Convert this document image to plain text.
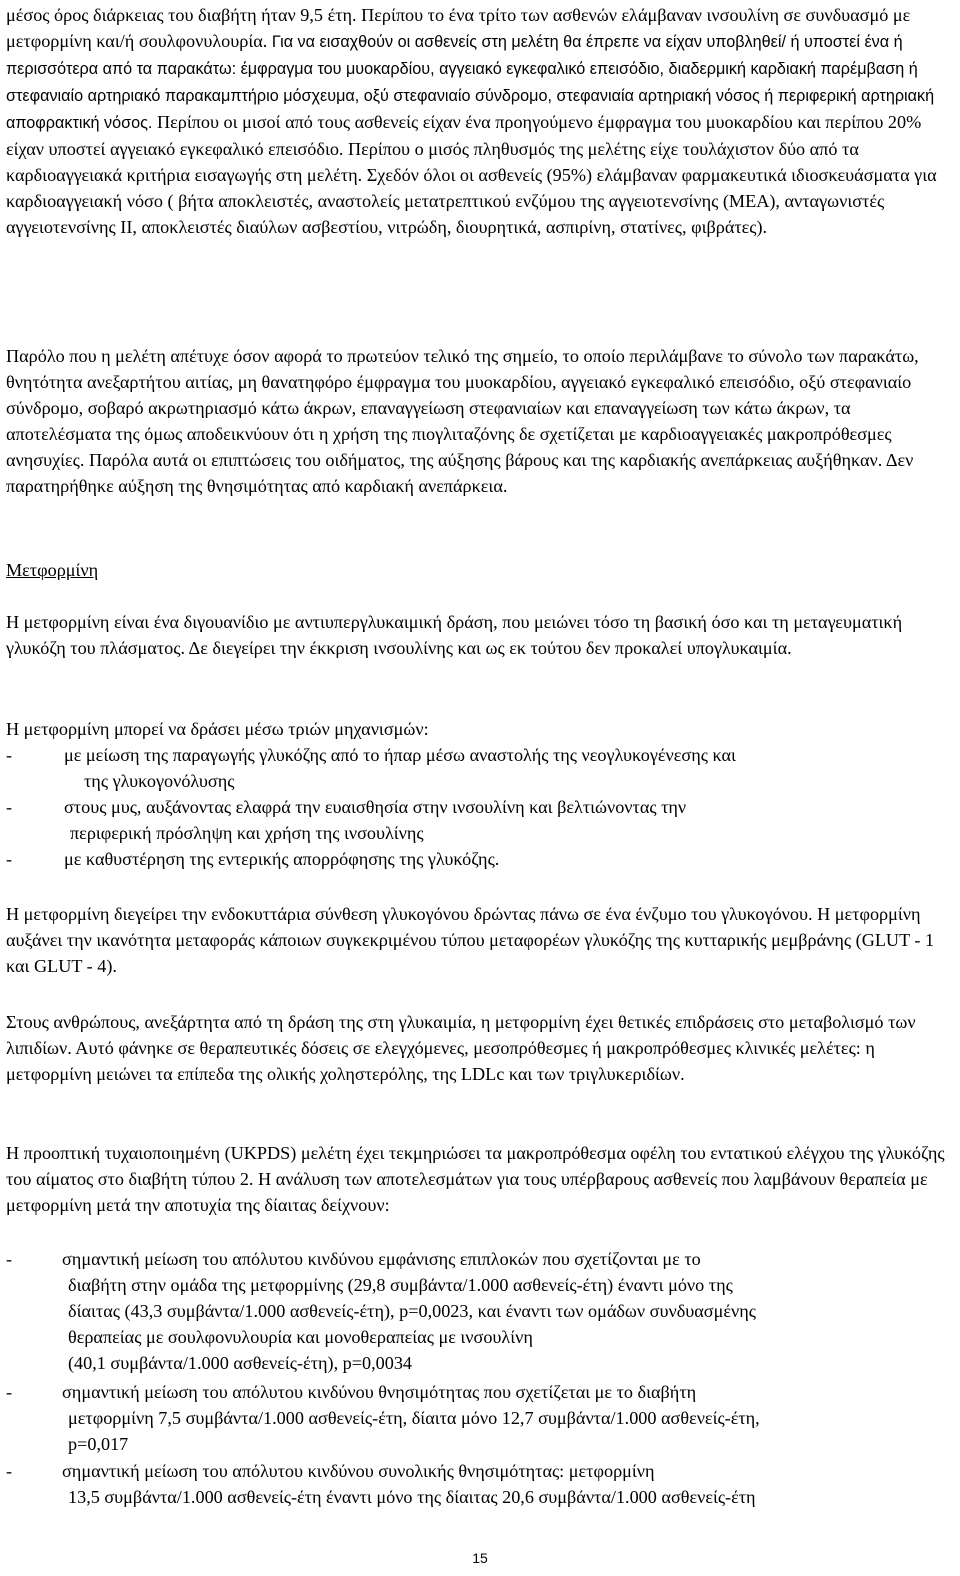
μέσος όρος διάρκειας του διαβήτη ήταν 9,5 έτη. Περίπου το ένα τρίτο των ασθενών ελάμβαναν ινσουλίνη σε συνδυασμό με μετφορμίνη και/ή σουλφονυλουρία. Για να εισαχθούν οι ασθενείς στη μελέτη θα έπρεπε να είχαν υποβληθεί/ ή υποστεί ένα ή περισσότερα από τα παρακάτω: έμφραγμα του μυοκαρδίου, αγγειακό εγκεφαλικό επεισόδιο, διαδερμική καρδιακή παρέμβαση ή στεφανιαίο αρτηριακό παρακαμπτήριο μόσχευμα, οξύ στεφανιαίο σύνδρομο, στεφανιαία αρτηριακή νόσος ή περιφερική αρτηριακή αποφρακτική νόσος. Περίπου οι μισοί από τους ασθενείς είχαν ένα προηγούμενο έμφραγμα του μυοκαρδίου και περίπου 20% είχαν υποστεί αγγειακό εγκεφαλικό επεισόδιο. Περίπου ο μισός πληθυσμός της μελέτης είχε τουλάχιστον δύο από τα καρδιοαγγειακά κριτήρια εισαγωγής στη μελέτη. Σχεδόν όλοι οι ασθενείς (95%) ελάμβαναν φαρμακευτικά ιδιοσκευάσματα για καρδιοαγγειακή νόσο ( βήτα αποκλειστές, αναστολείς μετατρεπτικού ενζύμου της αγγειοτενσίνης (ΜΕΑ), ανταγωνιστές αγγειοτενσίνης ΙΙ, αποκλειστές διαύλων ασβεστίου, νιτρώδη, διουρητικά, ασπιρίνη, στατίνες, φιβράτες).

Παρόλο που η μελέτη απέτυχε όσον αφορά το πρωτεύον τελικό της σημείο, το οποίο περιλάμβανε το σύνολο των παρακάτω, θνητότητα ανεξαρτήτου αιτίας, μη θανατηφόρο έμφραγμα του μυοκαρδίου, αγγειακό εγκεφαλικό επεισόδιο, οξύ στεφανιαίο σύνδρομο, σοβαρό ακρωτηριασμό κάτω άκρων, επαναγγείωση στεφανιαίων και επαναγγείωση των κάτω άκρων, τα αποτελέσματα της όμως αποδεικνύουν ότι η χρήση της πιογλιταζόνης δε σχετίζεται με καρδιοαγγειακές μακροπρόθεσμες ανησυχίες. Παρόλα αυτά οι επιπτώσεις του οιδήματος, της αύξησης βάρους και της καρδιακής ανεπάρκειας αυξήθηκαν. Δεν παρατηρήθηκε αύξηση της θνησιμότητας από καρδιακή ανεπάρκεια.

Μετφορμίνη

Η μετφορμίνη είναι ένα διγουανίδιο με αντιυπεργλυκαιμική δράση, που μειώνει τόσο τη βασική όσο και τη μεταγευματική γλυκόζη του πλάσματος. Δε διεγείρει την έκκριση ινσουλίνης και ως εκ τούτου δεν προκαλεί υπογλυκαιμία.

Η μετφορμίνη μπορεί να δράσει μέσω τριών μηχανισμών:

-	με μείωση της παραγωγής γλυκόζης από το ήπαρ μέσω αναστολής της νεογλυκογένεσης και
της γλυκογονόλυσης
-	στους μυς, αυξάνοντας ελαφρά την ευαισθησία στην ινσουλίνη και βελτιώνοντας την
περιφερική πρόσληψη και χρήση της ινσουλίνης
-	με καθυστέρηση της εντερικής απορρόφησης της γλυκόζης.

Η μετφορμίνη διεγείρει την ενδοκυττάρια σύνθεση γλυκογόνου δρώντας πάνω σε ένα ένζυμο του γλυκογόνου. Η μετφορμίνη αυξάνει την ικανότητα μεταφοράς κάποιων συγκεκριμένου τύπου μεταφορέων γλυκόζης της κυτταρικής μεμβράνης (GLUT - 1 και GLUT - 4).

Στους ανθρώπους, ανεξάρτητα από τη δράση της στη γλυκαιμία, η μετφορμίνη έχει θετικές επιδράσεις στο μεταβολισμό των λιπιδίων. Αυτό φάνηκε σε θεραπευτικές δόσεις σε ελεγχόμενες, μεσοπρόθεσμες ή μακροπρόθεσμες κλινικές μελέτες: η μετφορμίνη μειώνει τα επίπεδα της ολικής χοληστερόλης, της LDLc και των τριγλυκεριδίων.

Η προοπτική τυχαιοποιημένη (UKPDS) μελέτη έχει τεκμηριώσει τα μακροπρόθεσμα οφέλη του εντατικού ελέγχου της γλυκόζης του αίματος στο διαβήτη τύπου 2. Η ανάλυση των αποτελεσμάτων για τους υπέρβαρους ασθενείς που λαμβάνουν θεραπεία με μετφορμίνη μετά την αποτυχία της δίαιτας δείχνουν:

-	σημαντική μείωση του απόλυτου κινδύνου εμφάνισης επιπλοκών που σχετίζονται με το
διαβήτη στην ομάδα της μετφορμίνης (29,8 συμβάντα/1.000 ασθενείς-έτη) έναντι μόνο της
δίαιτας (43,3 συμβάντα/1.000 ασθενείς-έτη), p=0,0023, και έναντι των ομάδων συνδυασμένης
θεραπείας με σουλφονυλουρία και μονοθεραπείας με ινσουλίνη
(40,1 συμβάντα/1.000 ασθενείς-έτη), p=0,0034
-	σημαντική μείωση του απόλυτου κινδύνου θνησιμότητας που σχετίζεται με το διαβήτη
μετφορμίνη 7,5 συμβάντα/1.000 ασθενείς-έτη, δίαιτα μόνο 12,7 συμβάντα/1.000 ασθενείς-έτη,
p=0,017
-	σημαντική μείωση του απόλυτου κινδύνου συνολικής θνησιμότητας: μετφορμίνη
13,5 συμβάντα/1.000 ασθενείς-έτη έναντι μόνο της δίαιτας 20,6 συμβάντα/1.000 ασθενείς-έτη
15
